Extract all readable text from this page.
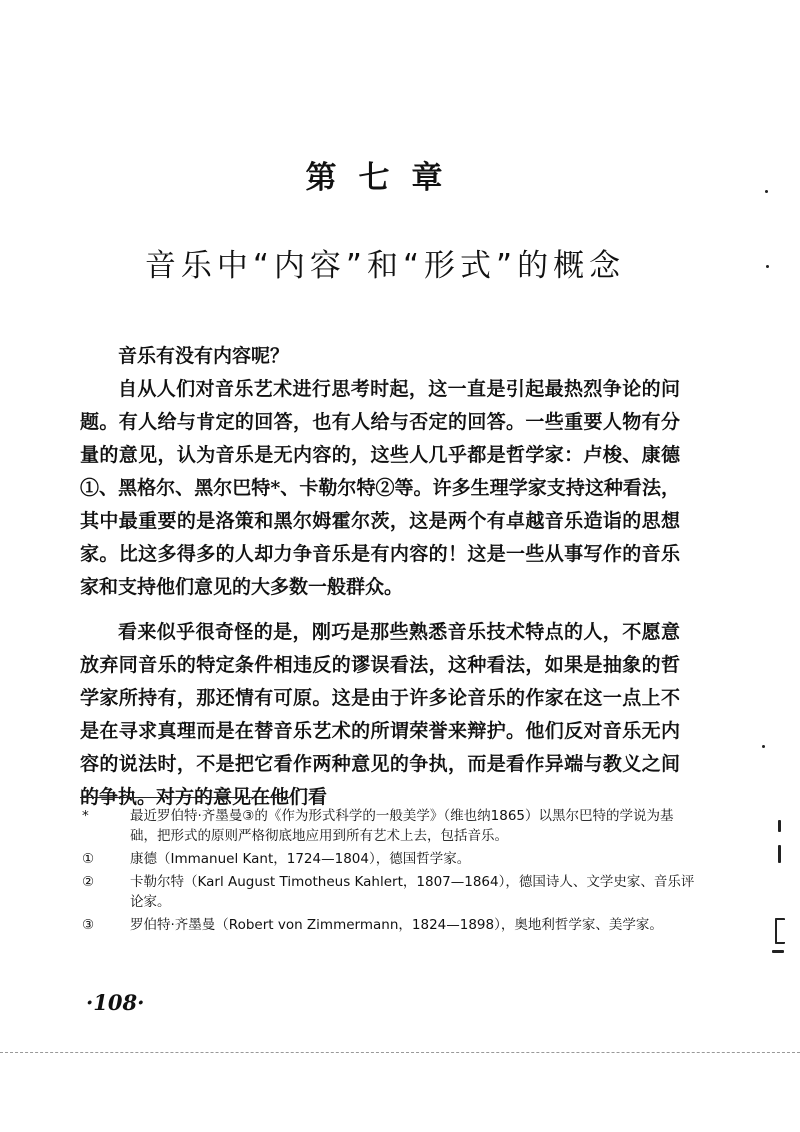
第七章
音乐中“内容”和“形式”的概念

音乐有没有内容呢？

自从人们对音乐艺术进行思考时起，这一直是引起最热烈争论的问题。有人给与肯定的回答，也有人给与否定的回答。一些重要人物有分量的意见，认为音乐是无内容的，这些人几乎都是哲学家：卢梭、康德①、黑格尔、黑尔巴特*、卡勒尔特②等。许多生理学家支持这种看法，其中最重要的是洛策和黑尔姆霍尔茨，这是两个有卓越音乐造诣的思想家。比这多得多的人却力争音乐是有内容的！这是一些从事写作的音乐家和支持他们意见的大多数一般群众。

看来似乎很奇怪的是，刚巧是那些熟悉音乐技术特点的人，不愿意放弃同音乐的特定条件相违反的谬误看法，这种看法，如果是抽象的哲学家所持有，那还情有可原。这是由于许多论音乐的作家在这一点上不是在寻求真理而是在替音乐艺术的所谓荣誉来辩护。他们反对音乐无内容的说法时，不是把它看作两种意见的争执，而是看作异端与教义之间的争执。对方的意见在他们看

*	最近罗伯特·齐墨曼③的《作为形式科学的一般美学》（维也纳1865）以黑尔巴特的学说为基础，把形式的原则严格彻底地应用到所有艺术上去，包括音乐。
①	康德（Immanuel Kant，1724—1804），德国哲学家。
②	卡勒尔特（Karl August Timotheus Kahlert，1807—1864），德国诗人、文学史家、音乐评论家。
③	罗伯特·齐墨曼（Robert von Zimmermann，1824—1898），奥地利哲学家、美学家。
·108·
